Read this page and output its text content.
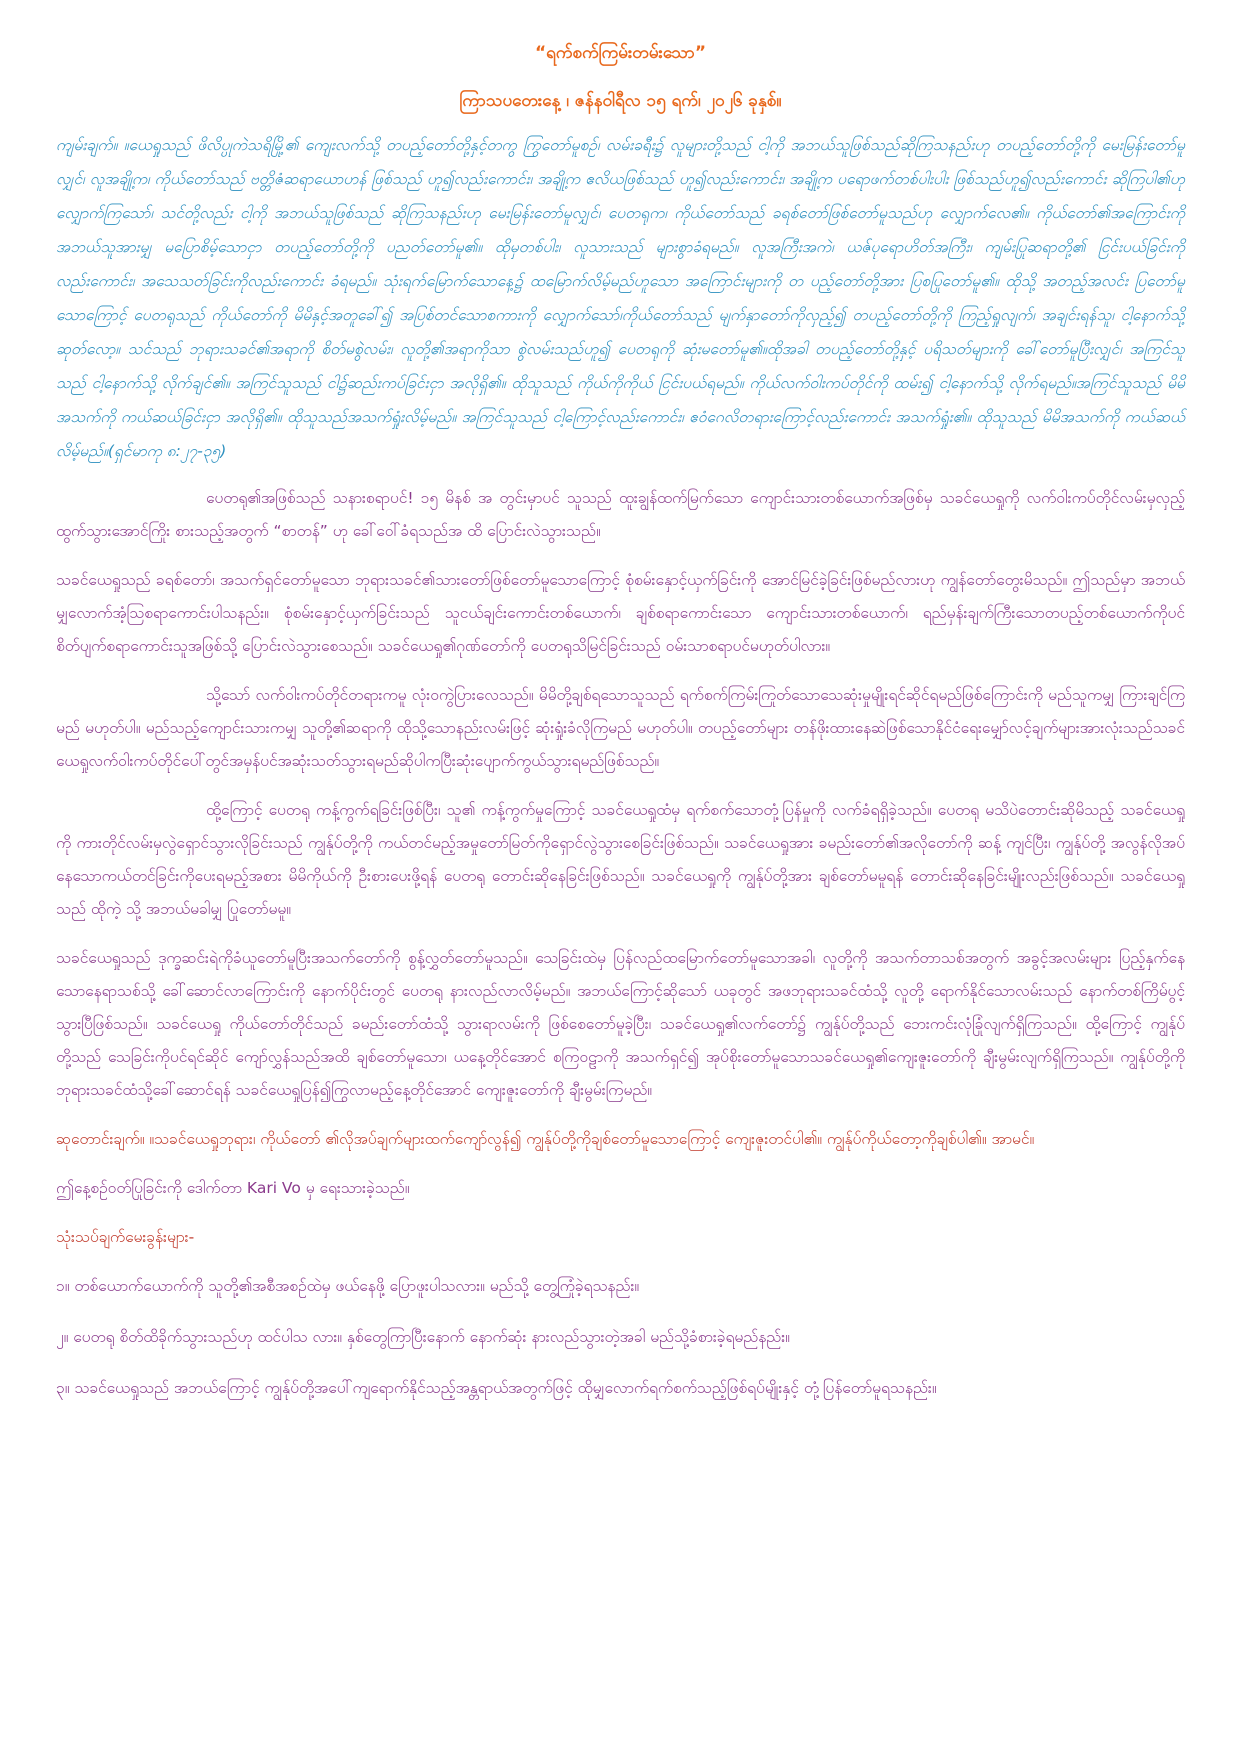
“ရက်စက်ကြမ်းတမ်းသော”

ကြာသပတေးနေ့ ၊ ဇန်နဝါရီလ ၁၅ ရက်၊ ၂၀၂၆ ခုနှစ်။

ကျမ်းချက်။ ။ယေရှုသည် ဖိလိပ္ပုကဲသရိမြို့၏ ကျေးလက်သို့ တပည့်တော်တို့နှင့်တကွ ကြွတော်မူစဉ်၊ လမ်းခရီး၌ လူများတို့သည် ငါ့ကို အဘယ်သူဖြစ်သည်ဆိုကြသနည်းဟု တပည့်တော်တို့ကို မေးမြန်းတော်မူလျှင်၊ လူအချို့က၊ ကိုယ်တော်သည် ဗတ္တိဇံဆရာယောဟန် ဖြစ်သည် ဟူ၍လည်းကောင်း၊ အချို့က ဧလိယဖြစ်သည် ဟူ၍လည်းကောင်း၊ အချို့က ပရောဖက်တစ်ပါးပါး ဖြစ်သည်ဟူ၍လည်းကောင်း ဆိုကြပါ၏ဟု လျှောက်ကြသော်၊ သင်တို့လည်း ငါ့ကို အဘယ်သူဖြစ်သည် ဆိုကြသနည်းဟု မေးမြန်းတော်မူလျှင်၊ ပေတရုက၊ ကိုယ်တော်သည် ခရစ်တော်ဖြစ်တော်မူသည်ဟု လျှောက်လေ၏။ ကိုယ်တော်၏အကြောင်းကို အဘယ်သူအားမျှ မပြောစိမ့်သောငှာ တပည့်တော်တို့ကို ပညတ်တော်မူ၏။ ထိုမှတစ်ပါး၊ လူသားသည် များစွာခံရမည်။ လူအကြီးအကဲ၊ ယဇ်ပုရောဟိတ်အကြီး၊ ကျမ်းပြုဆရာတို့၏ ငြင်းပယ်ခြင်းကိုလည်းကောင်း၊ အသေသတ်ခြင်းကိုလည်းကောင်း ခံရမည်။ သုံးရက်မြောက်သောနေ့၌ ထမြောက်လိမ့်မည်ဟူသော အကြောင်းများကို တ ပည့်တော်တို့အား ပြစပြုတော်မူ၏။ ထိုသို့ အတည့်အလင်း ပြတော်မူသောကြောင့် ပေတရုသည် ကိုယ်တော်ကို မိမိနှင့်အတူခေါ်၍ အပြစ်တင်သောစကားကို လျှောက်သော်၊ကိုယ်တော်သည် မျက်နှာတော်ကိုလှည့်၍ တပည့်တော်တို့ကို ကြည့်ရှုလျက်၊ အချင်းရန်သူ၊ ငါ့နောက်သို့ ဆုတ်လော့။ သင်သည် ဘုရားသခင်၏အရာကို စိတ်မစွဲလမ်း၊ လူတို့၏အရာကိုသာ စွဲလမ်းသည်ဟူ၍ ပေတရုကို ဆုံးမတော်မူ၏။ထိုအခါ တပည့်တော်တို့နှင့် ပရိသတ်များကို ခေါ်တော်မူပြီးလျှင်၊ အကြင်သူသည် ငါ့နောက်သို့ လိုက်ချင်၏။ အကြင်သူသည် ငါ၌ဆည်းကပ်ခြင်းငှာ အလိုရှိ၏။ ထိုသူသည် ကိုယ်ကိုကိုယ် ငြင်းပယ်ရမည်။ ကိုယ်လက်ဝါးကပ်တိုင်ကို ထမ်း၍ ငါ့နောက်သို့ လိုက်ရမည်။အကြင်သူသည် မိမိအသက်ကို ကယ်ဆယ်ခြင်းငှာ အလိုရှိ၏။ ထိုသူသည်အသက်ရှုံးလိမ့်မည်။ အကြင်သူသည် ငါ့ကြောင့်လည်းကောင်း၊ ဧဝံဂေလိတရားကြောင့်လည်းကောင်း အသက်ရှုံး၏။ ထိုသူသည် မိမိအသက်ကို ကယ်ဆယ်လိမ့်မည်။(ရှင်မာကု ၈:၂၇-၃၅)

ပေတရု၏အဖြစ်သည် သနားစရာပင်! ၁၅ မိနစ် အ တွင်းမှာပင် သူသည် ထူးချွန်ထက်မြက်သော ကျောင်းသားတစ်ယောက်အဖြစ်မှ သခင်ယေရှုကို လက်ဝါးကပ်တိုင်လမ်းမှလှည့်ထွက်သွားအောင်ကြိုး စားသည့်အတွက် “စာတန်” ဟု ခေါ်ဝေါ်ခံရသည်အ ထိ ပြောင်းလဲသွားသည်။

သခင်ယေရှုသည် ခရစ်တော်၊ အသက်ရှင်တော်မူသော ဘုရားသခင်၏သားတော်ဖြစ်တော်မူသောကြောင့် စုံစမ်းနှောင့်ယှက်ခြင်းကို အောင်မြင်ခဲ့ခြင်းဖြစ်မည်လားဟု ကျွန်တော်တွေးမိသည်။ ဤသည်မှာ အဘယ်မျှလောက်အံ့သြစရာကောင်းပါသနည်း။ စုံစမ်းနှောင့်ယှက်ခြင်းသည် သူငယ်ချင်းကောင်းတစ်ယောက်၊ ချစ်စရာကောင်းသော ကျောင်းသားတစ်ယောက်၊ ရည်မှန်းချက်ကြီးသောတပည့်တစ်ယောက်ကိုပင် စိတ်ပျက်စရာကောင်းသူအဖြစ်သို့ ပြောင်းလဲသွားစေသည်။ သခင်ယေရှု၏ဂုဏ်တော်ကို ပေတရုသိမြင်ခြင်းသည် ဝမ်းသာစရာပင်မဟုတ်ပါလား။

သို့သော် လက်ဝါးကပ်တိုင်တရားကမူ လုံးဝကွဲပြားလေသည်။ မိမိတို့ချစ်ရသောသူသည် ရက်စက်ကြမ်းကြုတ်သောသေဆုံးမှုမျိုးရင်ဆိုင်ရမည်ဖြစ်ကြောင်းကို မည်သူကမျှ ကြားချင်ကြမည် မဟုတ်ပါ။ မည်သည့်ကျောင်းသားကမျှ သူတို့၏ဆရာကို ထိုသို့သောနည်းလမ်းဖြင့် ဆုံးရှုံးခံလိုကြမည် မဟုတ်ပါ။ တပည့်တော်များ တန်ဖိုးထားနေဆဲဖြစ်သောနိုင်ငံရေးမျှော်လင့်ချက်များအားလုံးသည်သခင်ယေရှုလက်ဝါးကပ်တိုင်ပေါ်တွင်အမှန်ပင်အဆုံးသတ်သွားရမည်ဆိုပါကပြီးဆုံးပျောက်ကွယ်သွားရမည်ဖြစ်သည်။

ထို့ကြောင့် ပေတရု ကန့်ကွက်ရခြင်းဖြစ်ပြီး၊ သူ၏ ကန့်ကွက်မှုကြောင့် သခင်ယေရှုထံမှ ရက်စက်သောတုံ့ပြန်မှုကို လက်ခံရရှိခဲ့သည်။ ပေတရု မသိပဲတောင်းဆိုမိသည့် သခင်ယေရှုကို ကားတိုင်လမ်းမှလွဲရှောင်သွားလိုခြင်းသည် ကျွန်ုပ်တို့ကို ကယ်တင်မည့်အမှုတော်မြတ်ကိုရှောင်လွဲသွားစေခြင်းဖြစ်သည်။ သခင်ယေရှုအား ခမည်းတော်၏အလိုတော်ကို ဆန့် ကျင်ပြီး၊ ကျွန်ုပ်တို့ အလွန်လိုအပ်နေသောကယ်တင်ခြင်းကိုပေးရမည့်အစား မိမိကိုယ်ကို ဦးစားပေးဖို့ရန် ပေတရု တောင်းဆိုနေခြင်းဖြစ်သည်။ သခင်ယေရှုကို ကျွန်ုပ်တို့အား ချစ်တော်မမူရန် တောင်းဆိုနေခြင်းမျိုးလည်းဖြစ်သည်။ သခင်ယေရှုသည် ထိုကဲ့ သို့ အဘယ်မခါမျှ ပြုတော်မမူ။

သခင်ယေရှုသည် ဒုက္ခဆင်းရဲကိုခံယူတော်မူပြီးအသက်တော်ကို စွန့်လွှတ်တော်မူသည်။ သေခြင်းထဲမှ ပြန်လည်ထမြောက်တော်မူသောအခါ၊ လူတို့ကို အသက်တာသစ်အတွက် အခွင့်အလမ်းများ ပြည့်နှက်နေသောနေရာသစ်သို့ ခေါ်ဆောင်လာကြောင်းကို နောက်ပိုင်းတွင် ပေတရု နားလည်လာလိမ့်မည်။ အဘယ်ကြောင့်ဆိုသော် ယခုတွင် အဖဘုရားသခင်ထံသို့ လူတို့ ရောက်နိုင်သောလမ်းသည် နောက်တစ်ကြိမ်ပွင့်သွားပြီဖြစ်သည်။ သခင်ယေရှု ကိုယ်တော်တိုင်သည် ခမည်းတော်ထံသို့ သွားရာလမ်းကို ဖြစ်စေတော်မူခဲ့ပြီး၊ သခင်ယေရှု၏လက်တော်၌ ကျွန်ုပ်တို့သည် ဘေးကင်းလုံခြုံလျက်ရှိကြသည်။ ထို့ကြောင့် ကျွန်ုပ်တို့သည် သေခြင်းကိုပင်ရင်ဆိုင် ကျော်လွှန်သည်အထိ ချစ်တော်မူသော၊ ယနေ့တိုင်အောင် စကြဝဠာကို အသက်ရှင်၍ အုပ်စိုးတော်မူသောသခင်ယေရှု၏ကျေးဇူးတော်ကို ချီးမွမ်းလျက်ရှိကြသည်။ ကျွန်ုပ်တို့ကို ဘုရားသခင်ထံသို့ခေါ်ဆောင်ရန် သခင်ယေရှုပြန်၍ကြွလာမည့်နေ့တိုင်အောင် ကျေးဇူးတော်ကို ချီးမွမ်းကြမည်။

ဆုတောင်းချက်။ ။သခင်ယေရှုဘုရား၊ ကိုယ်တော် ၏လိုအပ်ချက်များထက်ကျော်လွန်၍ ကျွန်ုပ်တို့ကိုချစ်တော်မူသောကြောင့် ကျေးဇူးတင်ပါ၏။ ကျွန်ုပ်ကိုယ်တော့ကိုချစ်ပါ၏။ အာမင်။

ဤနေ့စဉ်ဝတ်ပြုခြင်းကို ဒေါက်တာ Kari Vo မှ ရေးသားခဲ့သည်။

သုံးသပ်ချက်မေးခွန်းများ-

၁။ တစ်ယောက်ယောက်ကို သူတို့၏အစီအစဉ်ထဲမှ ဖယ်နေဖို့ ပြောဖူးပါသလား။ မည်သို့ တွေ့ကြုံခဲ့ရသနည်း။

၂။ ပေတရု စိတ်ထိခိုက်သွားသည်ဟု ထင်ပါသ လား။ နှစ်တွေကြာပြီးနောက် နောက်ဆုံး နားလည်သွားတဲ့အခါ မည်သို့ခံစားခဲ့ရမည်နည်း။

၃။ သခင်ယေရှုသည် အဘယ်ကြောင့် ကျွန်ုပ်တို့အပေါ်ကျရောက်နိုင်သည့်အန္တရာယ်အတွက်ဖြင့် ထိုမျှလောက်ရက်စက်သည့်ဖြစ်ရပ်မျိုးနှင့် တုံ့ပြန်တော်မူရသနည်း။
